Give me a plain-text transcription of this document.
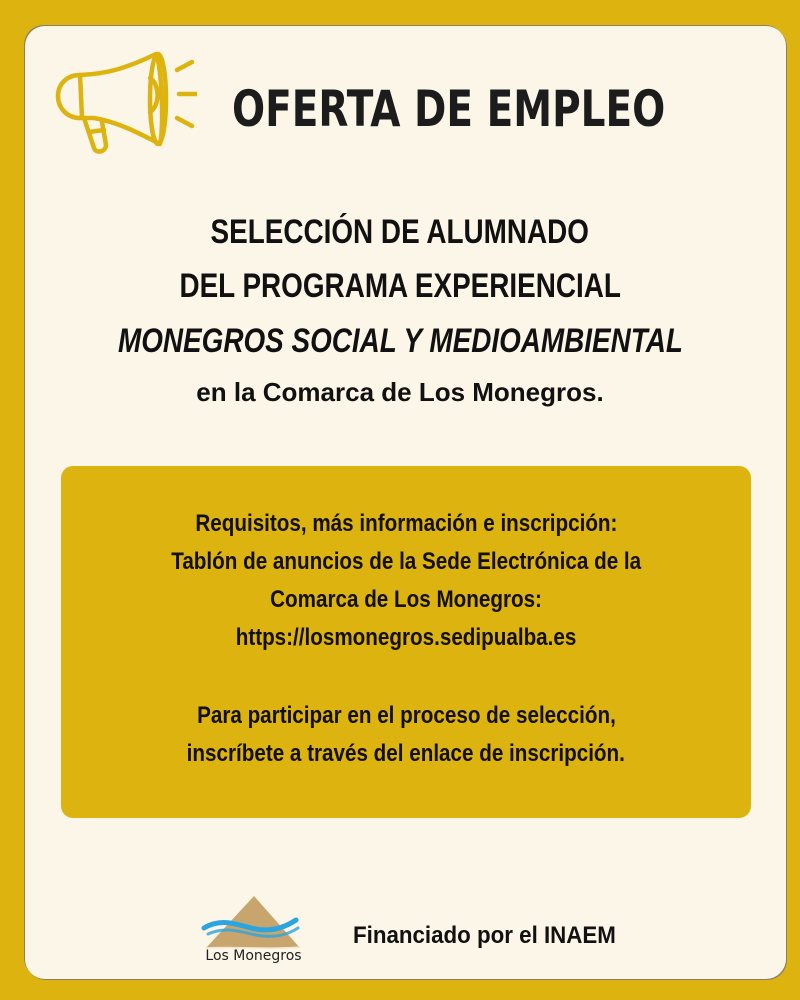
OFERTA DE EMPLEO
SELECCIÓN DE ALUMNADO
DEL PROGRAMA EXPERIENCIAL
MONEGROS SOCIAL Y MEDIOAMBIENTAL
en la Comarca de Los Monegros.
Requisitos, más información e inscripción:
Tablón de anuncios de la Sede Electrónica de la
Comarca de Los Monegros:
https://losmonegros.sedipualba.es
Para participar en el proceso de selección,
inscríbete a través del enlace de inscripción.
Los Monegros
Financiado por el INAEM
